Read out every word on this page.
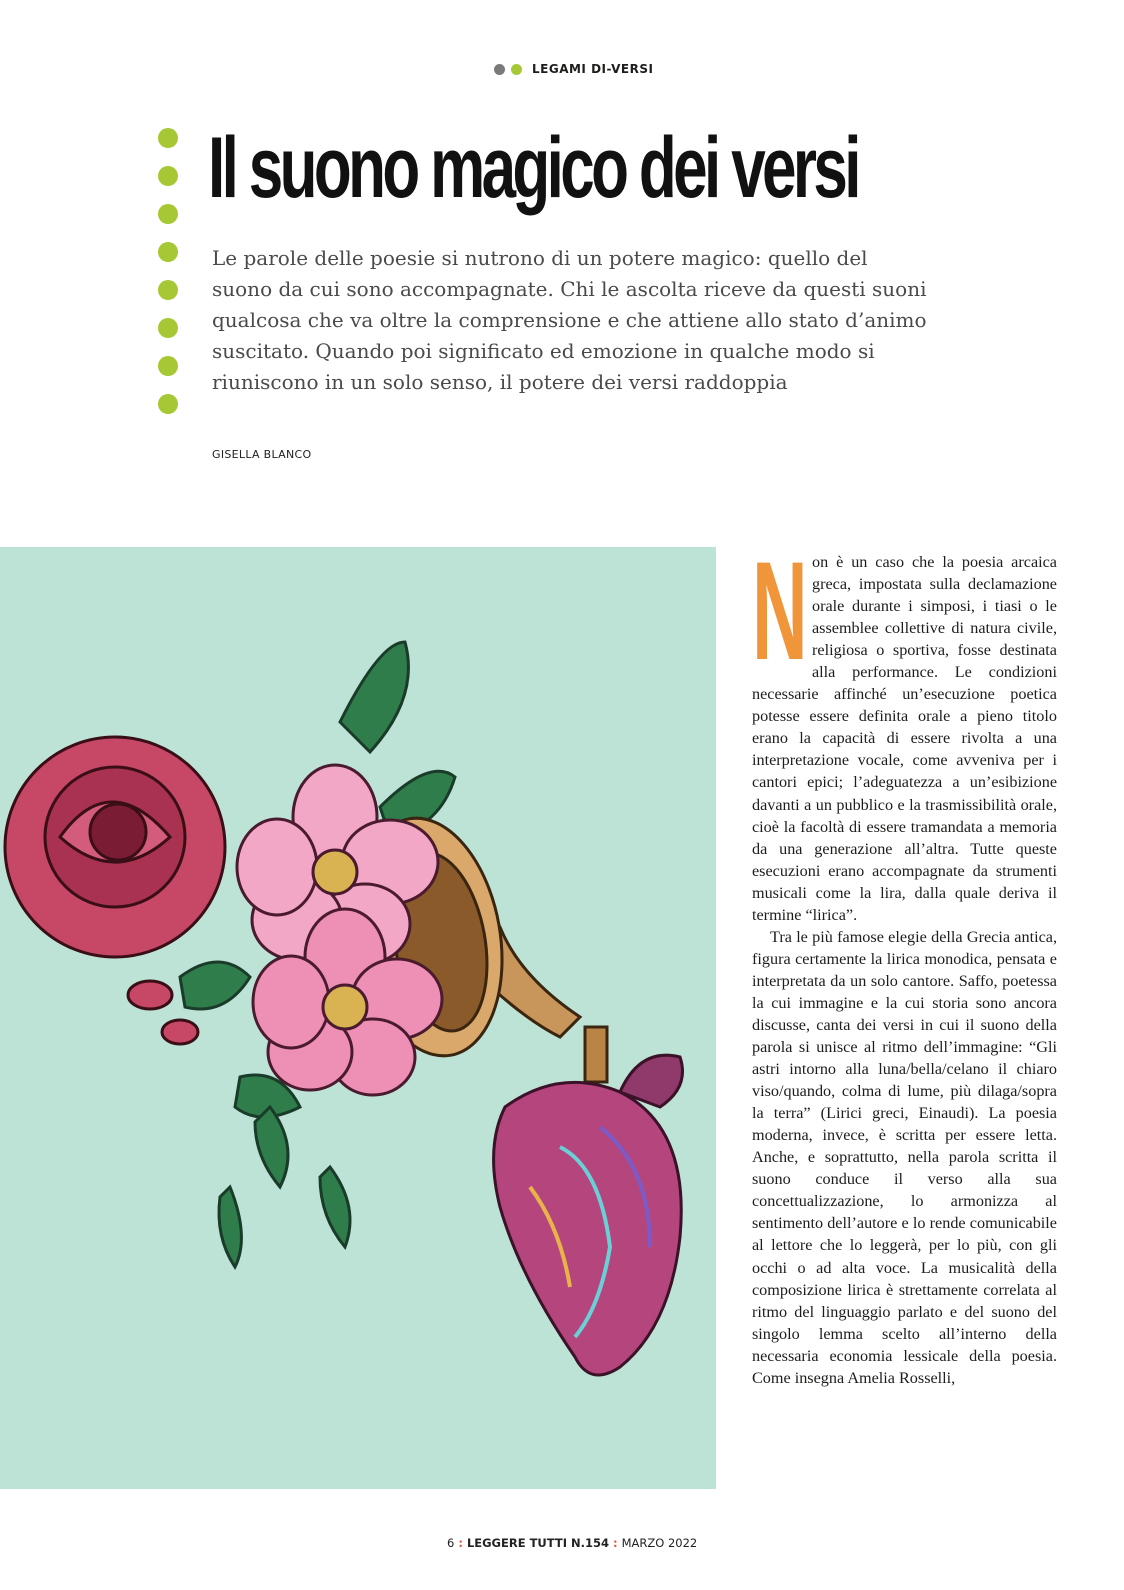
LEGAMI DI-VERSI
Il suono magico dei versi

Le parole delle poesie si nutrono di un potere magico: quello del suono da cui sono accompagnate. Chi le ascolta riceve da questi suoni qualcosa che va oltre la comprensione e che attiene allo stato d’animo suscitato. Quando poi significato ed emozione in qualche modo si riuniscono in un solo senso, il potere dei versi raddoppia

GISELLA BLANCO
N on è un caso che la poesia arcaica greca, impostata sulla declamazione orale durante i simposi, i tiasi o le assemblee collettive di natura civile, religiosa o sportiva, fosse destinata alla performance. Le condizioni necessarie affinché un’esecuzione poetica potesse essere definita orale a pieno titolo erano la capacità di essere rivolta a una interpretazione vocale, come avveniva per i cantori epici; l’adeguatezza a un’esibizione davanti a un pubblico e la trasmissibilità orale, cioè la facoltà di essere tramandata a memoria da una generazione all’altra. Tutte queste esecuzioni erano accompagnate da strumenti musicali come la lira, dalla quale deriva il termine “lirica”.

Tra le più famose elegie della Grecia antica, figura certamente la lirica monodica, pensata e interpretata da un solo cantore. Saffo, poetessa la cui immagine e la cui storia sono ancora discusse, canta dei versi in cui il suono della parola si unisce al ritmo dell’immagine: “Gli astri intorno alla luna/bella/celano il chiaro viso/quando, colma di lume, più dilaga/sopra la terra” (Lirici greci, Einaudi). La poesia moderna, invece, è scritta per essere letta. Anche, e soprattutto, nella parola scritta il suono conduce il verso alla sua concettualizzazione, lo armonizza al sentimento dell’autore e lo rende comunicabile al lettore che lo leggerà, per lo più, con gli occhi o ad alta voce. La musicalità della composizione lirica è strettamente correlata al ritmo del linguaggio parlato e del suono del singolo lemma scelto all’interno della necessaria economia lessicale della poesia. Come insegna Amelia Rosselli,

6 : LEGGERE TUTTI N.154 : MARZO 2022
